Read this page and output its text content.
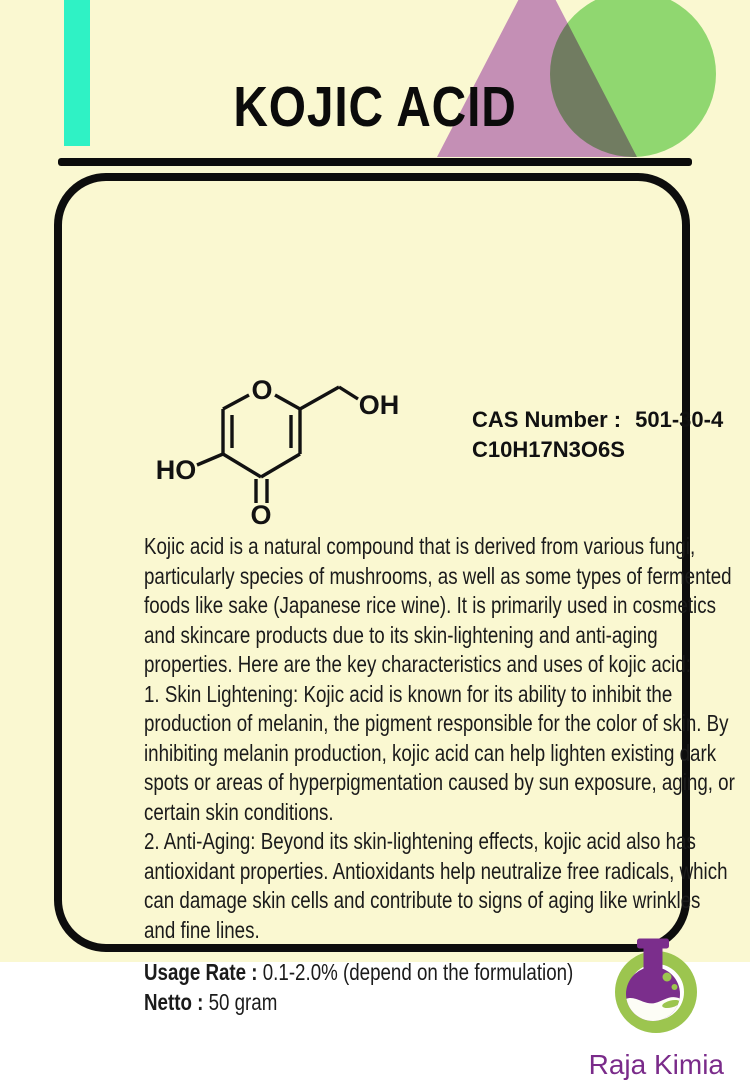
KOJIC ACID
O	OH
HO
O
CAS Number : 501-30-4
C10H17N3O6S

Kojic acid is a natural compound that is derived from various fungi, particularly species of mushrooms, as well as some types of fermented foods like sake (Japanese rice wine). It is primarily used in cosmetics and skincare products due to its skin-lightening and anti-aging properties. Here are the key characteristics and uses of kojic acid:

1. Skin Lightening: Kojic acid is known for its ability to inhibit the production of melanin, the pigment responsible for the color of skin. By inhibiting melanin production, kojic acid can help lighten existing dark spots or areas of hyperpigmentation caused by sun exposure, aging, or certain skin conditions.

2. Anti-Aging: Beyond its skin-lightening effects, kojic acid also has antioxidant properties. Antioxidants help neutralize free radicals, which can damage skin cells and contribute to signs of aging like wrinkles and fine lines.

Usage Rate : 0.1-2.0% (depend on the formulation)

Netto : 50 gram

Raja Kimia
